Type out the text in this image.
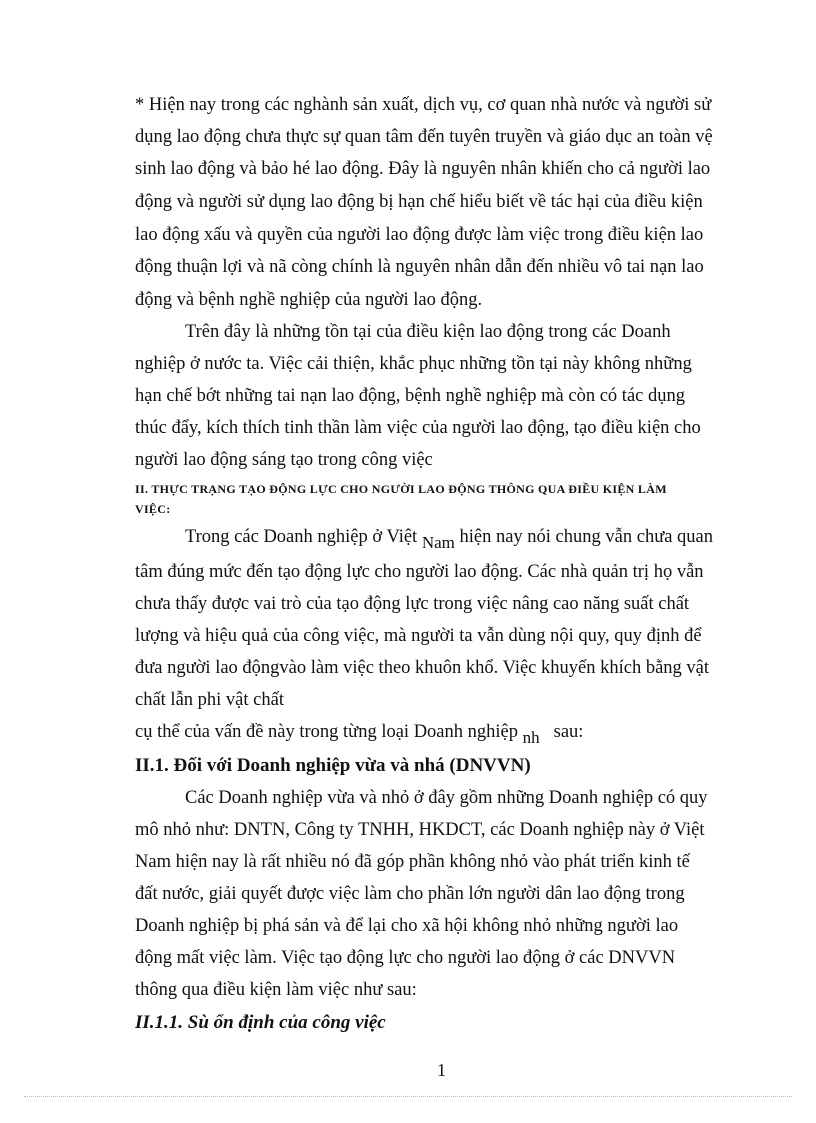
* Hiện nay trong các nghành sản xuất, dịch vụ, cơ quan nhà nước và người sử
dụng lao động chưa thực sự quan tâm đến tuyên truyền và giáo dục an toàn vệ
sinh lao động và bảo hé lao động. Đây là nguyên nhân khiến cho cả người lao
động và người sử dụng lao động bị hạn chế hiểu biết về tác hại của điều kiện
lao động xấu và quyền của người lao động được làm việc trong điều kiện lao
động thuận lợi và nã còng chính là nguyên nhân dẫn đến nhiều vô tai nạn lao
động và bệnh nghề nghiệp của người lao động.
Trên đây là những tồn tại của điều kiện lao động trong các Doanh
nghiệp ở nước ta. Việc cải thiện, khắc phục những tồn tại này không những
hạn chế bớt những tai nạn lao động, bệnh nghề nghiệp mà còn có tác dụng
thúc đẩy, kích thích tinh thần làm việc của người lao động, tạo điều kiện cho
người lao động sáng tạo trong công việc
II. THỰC TRẠNG TẠO ĐỘNG LỰC CHO NGƯỜI LAO ĐỘNG THÔNG QUA ĐIỀU KIỆN LÀM
VIỆC:
Trong các Doanh nghiệp ở Việt Nam hiện nay nói chung vẫn chưa quan
tâm đúng mức đến tạo động lực cho người lao động. Các nhà quản trị họ vẫn
chưa thấy được vai trò của tạo động lực trong việc nâng cao năng suất chất
lượng và hiệu quả của công việc, mà người ta vẫn dùng nội quy, quy định để
đưa người lao độngvào làm việc theo khuôn khổ. Việc khuyến khích bằng vật
chất lẫn phi vật chất
cụ thể của vấn đề này trong từng loại Doanh nghiệp nh sau:
II.1. Đối với Doanh nghiệp vừa và nhá (DNVVN)
Các Doanh nghiệp vừa và nhỏ ở đây gồm những Doanh nghiệp có quy
mô nhỏ như: DNTN, Công ty TNHH, HKDCT, các Doanh nghiệp này ở Việt
Nam hiện nay là rất nhiều nó đã góp phần không nhỏ vào phát triển kinh tế
đất nước, giải quyết được việc làm cho phần lớn người dân lao động trong
Doanh nghiệp bị phá sản và để lại cho xã hội không nhỏ những người lao
động mất việc làm. Việc tạo động lực cho người lao động ở các DNVVN
thông qua điều kiện làm việc như sau:
II.1.1. Sù ổn định của công việc
1
